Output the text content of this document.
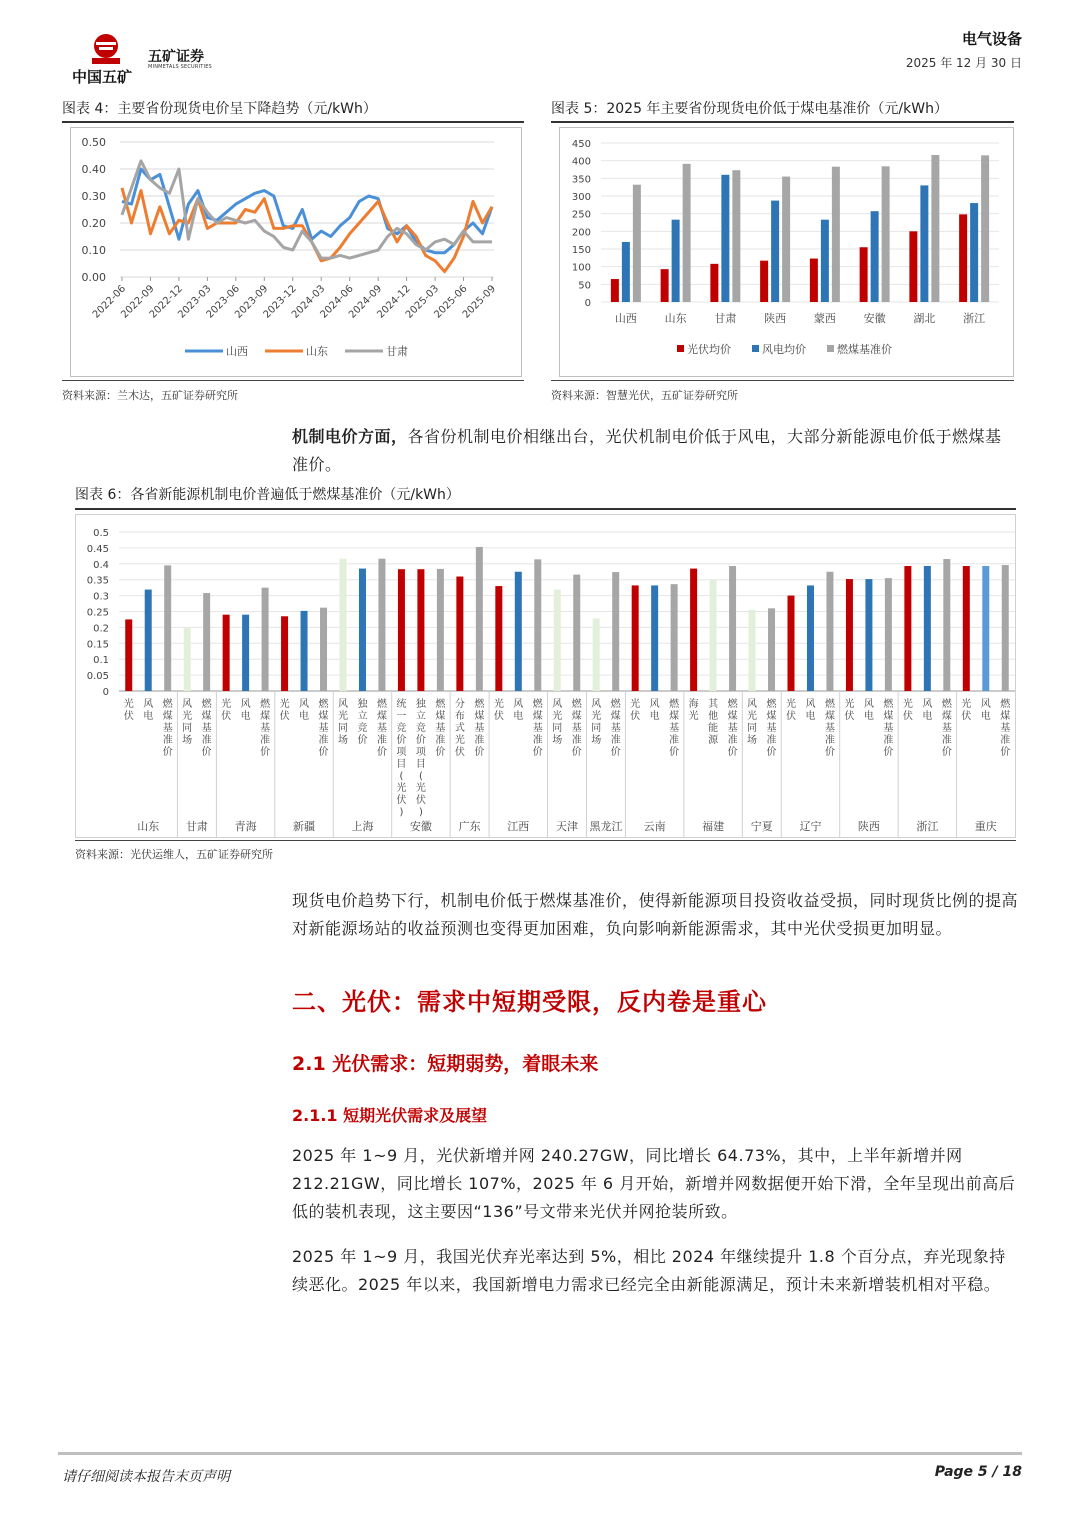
中国五矿
五矿证券
MINMETALS SECURITIES
电气设备
2025 年 12 月 30 日
图表 4：主要省份现货电价呈下降趋势（元/kWh）
0.50
0.40
0.30
0.20
0.10
0.00
2022-06
2022-09
2022-12
2023-03
2023-06
2023-09
2023-12
2024-03
2024-06
2024-09
2024-12
2025-03
2025-06
2025-09
山西	山东	甘肃
资料来源：兰木达，五矿证券研究所
图表 5：2025 年主要省份现货电价低于煤电基准价（元/kWh）
450
400
350
300
250
200
150
100
50
0
山西	山东	甘肃	陕西	蒙西	安徽	湖北	浙江
光伏均价	风电均价	燃煤基准价
资料来源：智慧光伏，五矿证券研究所
机制电价方面，各省份机制电价相继出台，光伏机制电价低于风电，大部分新能源电价低于燃煤基准价。
图表 6：各省新能源机制电价普遍低于燃煤基准价（元/kWh）
0.5
0.45
0.4
0.35
0.3
0.25
0.2
0.15
0.1
0.05
0
光伏
风电
燃煤基准价
山东
风光同场
燃煤基准价
甘肃
光伏
风电
燃煤基准价
青海
光伏
风电
燃煤基准价
新疆
风光同场
独立竞价
燃煤基准价
上海
统一竞价项目(光伏)
独立竞价项目(光伏)
燃煤基准价
安徽
分布式光伏
燃煤基准价
广东
光伏
风电
燃煤基准价
江西
风光同场
燃煤基准价
天津
风光同场
燃煤基准价
黑龙江
光伏
风电
燃煤基准价
云南
海光
其他能源
燃煤基准价
福建
风光同场
燃煤基准价
宁夏
光伏
风电
燃煤基准价
辽宁
光伏
风电
燃煤基准价
陕西
光伏
风电
燃煤基准价
浙江
光伏
风电
燃煤基准价
重庆
资料来源：光伏运维人，五矿证券研究所
现货电价趋势下行，机制电价低于燃煤基准价，使得新能源项目投资收益受损，同时现货比例的提高对新能源场站的收益预测也变得更加困难，负向影响新能源需求，其中光伏受损更加明显。
二、光伏：需求中短期受限，反内卷是重心
2.1 光伏需求：短期弱势，着眼未来
2.1.1 短期光伏需求及展望
2025 年 1~9 月，光伏新增并网 240.27GW，同比增长 64.73%，其中，上半年新增并网 212.21GW，同比增长 107%，2025 年 6 月开始，新增并网数据便开始下滑，全年呈现出前高后低的装机表现，这主要因“136”号文带来光伏并网抢装所致。
2025 年 1~9 月，我国光伏弃光率达到 5%，相比 2024 年继续提升 1.8 个百分点，弃光现象持续恶化。2025 年以来，我国新增电力需求已经完全由新能源满足，预计未来新增装机相对平稳。
请仔细阅读本报告末页声明	Page 5 / 18
